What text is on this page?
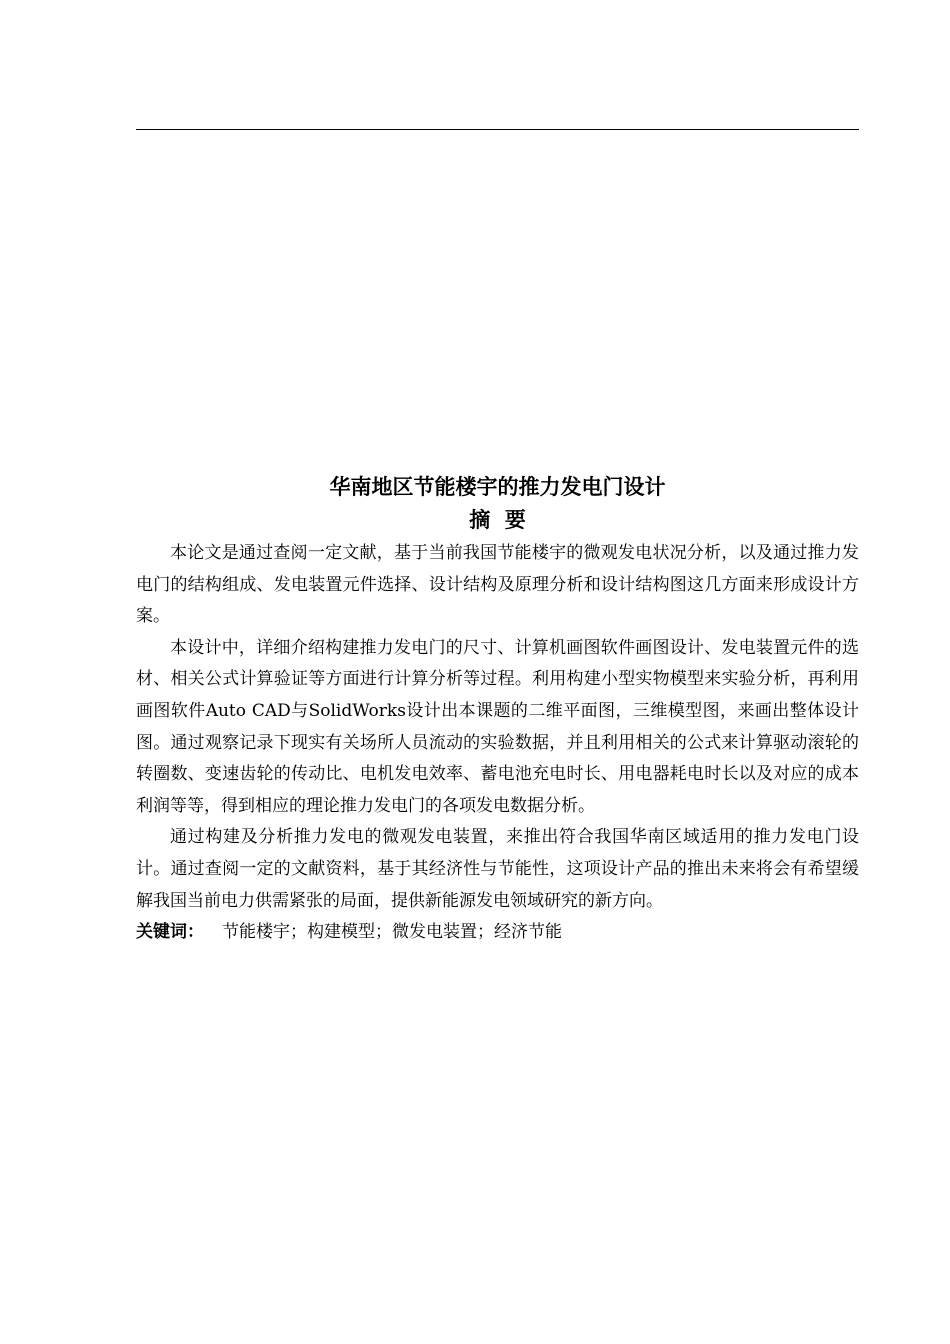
华南地区节能楼宇的推力发电门设计
摘  要

本论文是通过查阅一定文献，基于当前我国节能楼宇的微观发电状况分析，以及通过推力发电门的结构组成、发电装置元件选择、设计结构及原理分析和设计结构图这几方面来形成设计方案。

本设计中，详细介绍构建推力发电门的尺寸、计算机画图软件画图设计、发电装置元件的选材、相关公式计算验证等方面进行计算分析等过程。利用构建小型实物模型来实验分析，再利用画图软件Auto CAD与SolidWorks设计出本课题的二维平面图，三维模型图，来画出整体设计图。通过观察记录下现实有关场所人员流动的实验数据，并且利用相关的公式来计算驱动滚轮的转圈数、变速齿轮的传动比、电机发电效率、蓄电池充电时长、用电器耗电时长以及对应的成本利润等等，得到相应的理论推力发电门的各项发电数据分析。

通过构建及分析推力发电的微观发电装置，来推出符合我国华南区域适用的推力发电门设计。通过查阅一定的文献资料，基于其经济性与节能性，这项设计产品的推出未来将会有希望缓解我国当前电力供需紧张的局面，提供新能源发电领域研究的新方向。

关键词： 节能楼宇；构建模型；微发电装置；经济节能
